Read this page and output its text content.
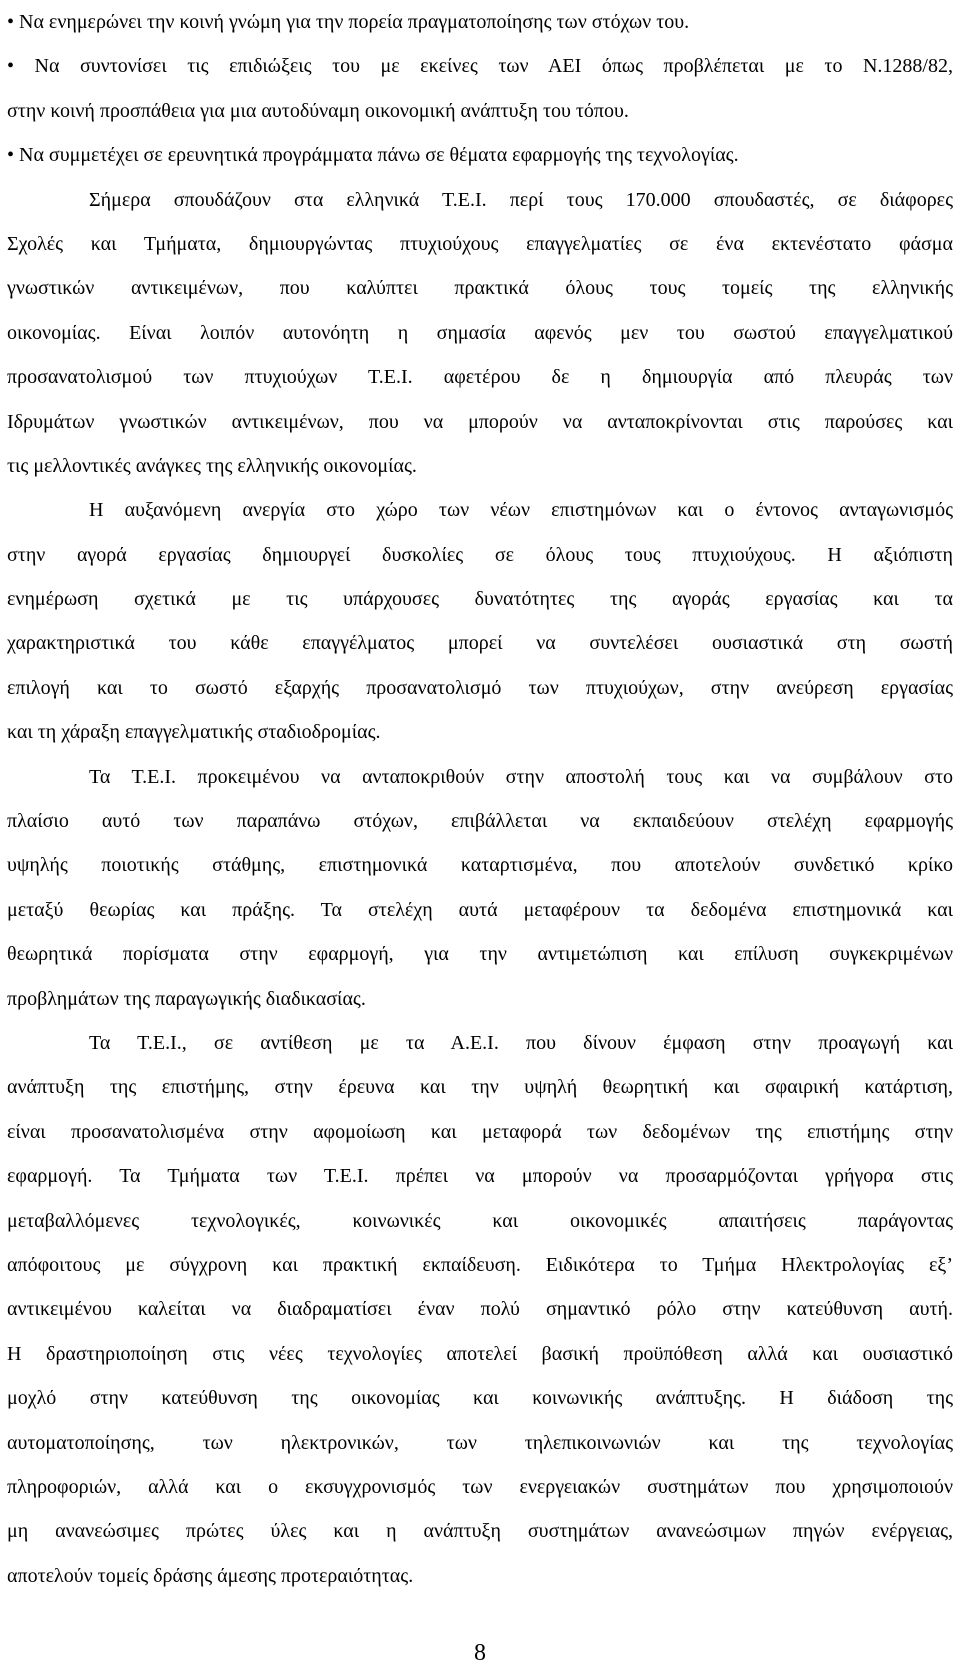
• Να ενημερώνει την κοινή γνώμη για την πορεία πραγματοποίησης των στόχων του.
• Να συντονίσει τις επιδιώξεις του με εκείνες των ΑΕΙ όπως προβλέπεται με το Ν.1288/82,
στην κοινή προσπάθεια για μια αυτοδύναμη οικονομική ανάπτυξη του τόπου.
• Να συμμετέχει σε ερευνητικά προγράμματα πάνω σε θέματα εφαρμογής της τεχνολογίας.
Σήμερα σπουδάζουν στα ελληνικά Τ.Ε.Ι. περί τους 170.000 σπουδαστές, σε διάφορες
Σχολές και Τμήματα, δημιουργώντας πτυχιούχους επαγγελματίες σε ένα εκτενέστατο φάσμα
γνωστικών αντικειμένων, που καλύπτει πρακτικά όλους τους τομείς της ελληνικής
οικονομίας. Είναι λοιπόν αυτονόητη η σημασία αφενός μεν του σωστού επαγγελματικού
προσανατολισμού των πτυχιούχων Τ.Ε.Ι. αφετέρου δε η δημιουργία από πλευράς των
Ιδρυμάτων γνωστικών αντικειμένων, που να μπορούν να ανταποκρίνονται στις παρούσες και
τις μελλοντικές ανάγκες της ελληνικής οικονομίας.
Η αυξανόμενη ανεργία στο χώρο των νέων επιστημόνων και ο έντονος ανταγωνισμός
στην αγορά εργασίας δημιουργεί δυσκολίες σε όλους τους πτυχιούχους. Η αξιόπιστη
ενημέρωση σχετικά με τις υπάρχουσες δυνατότητες της αγοράς εργασίας και τα
χαρακτηριστικά του κάθε επαγγέλματος μπορεί να συντελέσει ουσιαστικά στη σωστή
επιλογή και το σωστό εξαρχής προσανατολισμό των πτυχιούχων, στην ανεύρεση εργασίας
και τη χάραξη επαγγελματικής σταδιοδρομίας.
Τα Τ.Ε.Ι. προκειμένου να ανταποκριθούν στην αποστολή τους και να συμβάλουν στο
πλαίσιο αυτό των παραπάνω στόχων, επιβάλλεται να εκπαιδεύουν στελέχη εφαρμογής
υψηλής ποιοτικής στάθμης, επιστημονικά καταρτισμένα, που αποτελούν συνδετικό κρίκο
μεταξύ θεωρίας και πράξης. Τα στελέχη αυτά μεταφέρουν τα δεδομένα επιστημονικά και
θεωρητικά πορίσματα στην εφαρμογή, για την αντιμετώπιση και επίλυση συγκεκριμένων
προβλημάτων της παραγωγικής διαδικασίας.
Τα Τ.Ε.Ι., σε αντίθεση με τα Α.Ε.Ι. που δίνουν έμφαση στην προαγωγή και
ανάπτυξη της επιστήμης, στην έρευνα και την υψηλή θεωρητική και σφαιρική κατάρτιση,
είναι προσανατολισμένα στην αφομοίωση και μεταφορά των δεδομένων της επιστήμης στην
εφαρμογή. Τα Τμήματα των Τ.Ε.Ι. πρέπει να μπορούν να προσαρμόζονται γρήγορα στις
μεταβαλλόμενες τεχνολογικές, κοινωνικές και οικονομικές απαιτήσεις παράγοντας
απόφοιτους με σύγχρονη και πρακτική εκπαίδευση. Ειδικότερα το Τμήμα Ηλεκτρολογίας εξ’
αντικειμένου καλείται να διαδραματίσει έναν πολύ σημαντικό ρόλο στην κατεύθυνση αυτή.
Η δραστηριοποίηση στις νέες τεχνολογίες αποτελεί βασική προϋπόθεση αλλά και ουσιαστικό
μοχλό στην κατεύθυνση της οικονομίας και κοινωνικής ανάπτυξης. Η διάδοση της
αυτοματοποίησης, των ηλεκτρονικών, των τηλεπικοινωνιών και της τεχνολογίας
πληροφοριών, αλλά και ο εκσυγχρονισμός των ενεργειακών συστημάτων που χρησιμοποιούν
μη ανανεώσιμες πρώτες ύλες και η ανάπτυξη συστημάτων ανανεώσιμων πηγών ενέργειας,
αποτελούν τομείς δράσης άμεσης προτεραιότητας.
8
